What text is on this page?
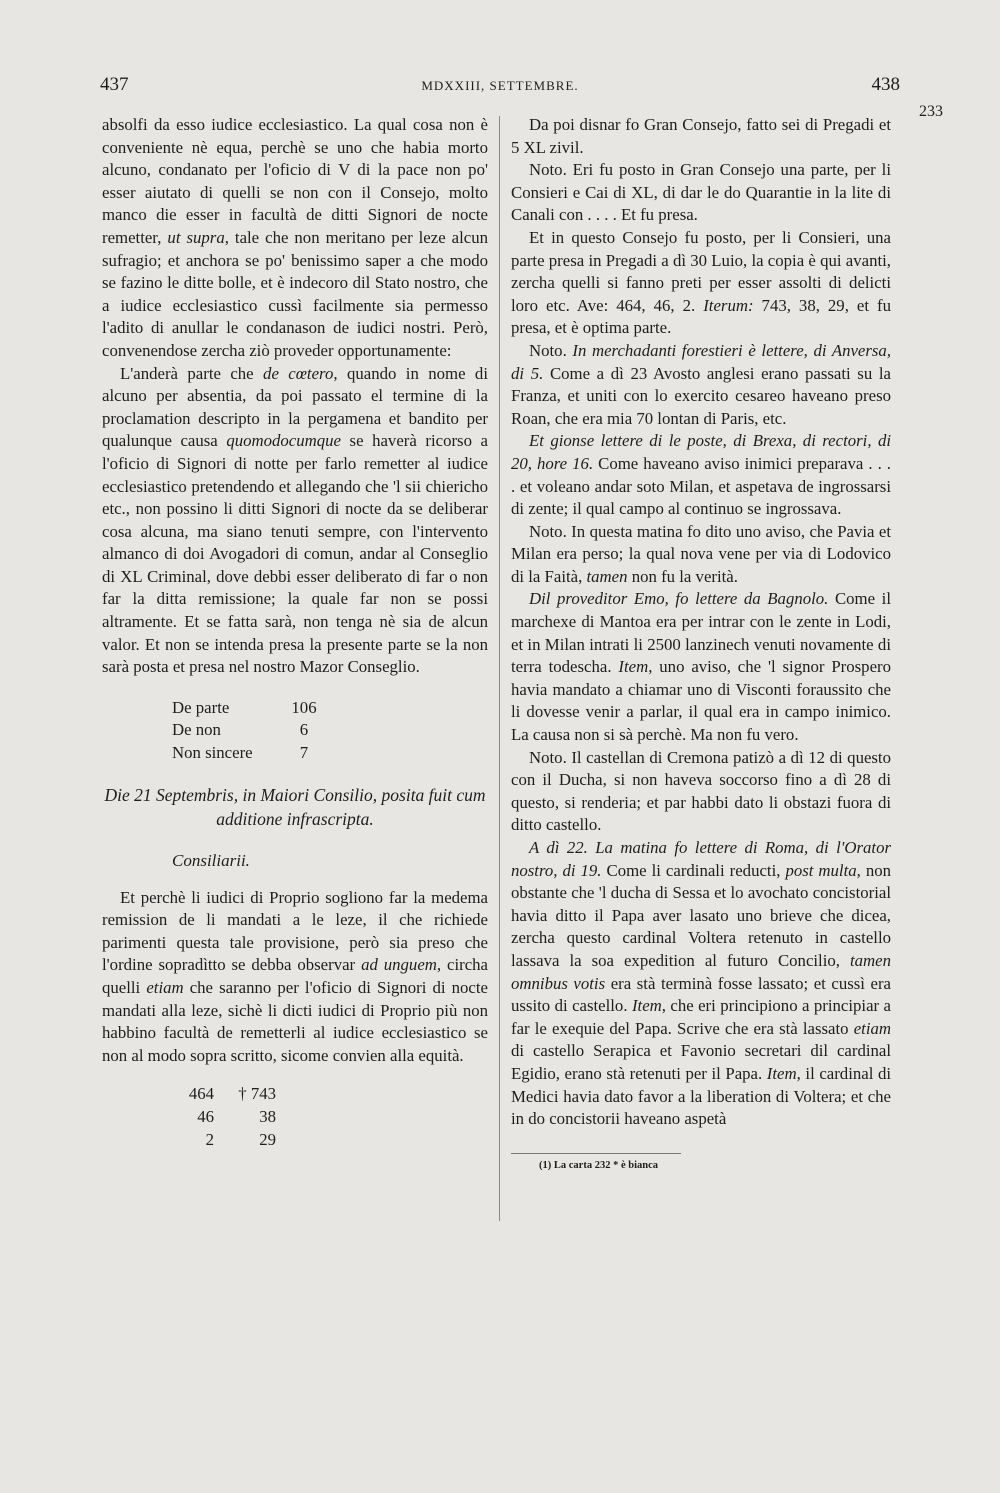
437	MDXXIII, SETTEMBRE.	438
233

absolfi da esso iudice ecclesiastico. La qual cosa non è conveniente nè equa, perchè se uno che habia morto alcuno, condanato per l'oficio di V di la pace non po' esser aiutato di quelli se non con il Consejo, molto manco die esser in facultà de ditti Signori de nocte remetter, ut supra, tale che non meritano per leze alcun sufragio; et anchora se po' benissimo saper a che modo se fazino le ditte bolle, et è indecoro dil Stato nostro, che a iudice ecclesiastico cussì facilmente sia permesso l'adito di anullar le condanason de iudici nostri. Però, convenendose zercha ziò proveder opportunamente:

L'anderà parte che de cœtero, quando in nome di alcuno per absentia, da poi passato el termine di la proclamation descripto in la pergamena et bandito per qualunque causa quomodocumque se haverà ricorso a l'oficio di Signori di notte per farlo remetter al iudice ecclesiastico pretendendo et allegando che 'l sii chiericho etc., non possino li ditti Signori di nocte da se deliberar cosa alcuna, ma siano tenuti sempre, con l'intervento almanco di doi Avogadori di comun, andar al Conseglio di XL Criminal, dove debbi esser deliberato di far o non far la ditta remissione; la quale far non se possi altramente. Et se fatta sarà, non tenga nè sia de alcun valor. Et non se intenda presa la presente parte se la non sarà posta et presa nel nostro Mazor Conseglio.

De parte	106
De non	6
Non sincere	7
Die 21 Septembris, in Maiori Consilio, posita fuit cum additione infrascripta.
Consiliarii.

Et perchè li iudici di Proprio sogliono far la medema remission de li mandati a le leze, il che richiede parimenti questa tale provisione, però sia preso che l'ordine sopradìtto se debba observar ad unguem, circha quelli etiam che saranno per l'oficio di Signori di nocte mandati alla leze, sichè li dicti iudici di Proprio più non habbino facultà de remetterli al iudice ecclesiastico se non al modo sopra scritto, sicome convien alla equità.

464	† 743
46	38
2	29

Da poi disnar fo Gran Consejo, fatto sei di Pregadi et 5 XL zivil.

Noto. Eri fu posto in Gran Consejo una parte, per li Consieri e Cai di XL, di dar le do Quarantie in la lite di Canali con . . . . Et fu presa.

Et in questo Consejo fu posto, per li Consieri, una parte presa in Pregadi a dì 30 Luio, la copia è qui avanti, zercha quelli si fanno preti per esser assolti di delicti loro etc. Ave: 464, 46, 2. Iterum: 743, 38, 29, et fu presa, et è optima parte.

Noto. In merchadanti forestieri è lettere, di Anversa, di 5. Come a dì 23 Avosto anglesi erano passati su la Franza, et uniti con lo exercito cesareo haveano preso Roan, che era mia 70 lontan di Paris, etc.

Et gionse lettere di le poste, di Brexa, di rectori, di 20, hore 16. Come haveano aviso inimici preparava . . . . et voleano andar soto Milan, et aspetava de ingrossarsi di zente; il qual campo al continuo se ingrossava.

Noto. In questa matina fo dito uno aviso, che Pavia et Milan era perso; la qual nova vene per via di Lodovico di la Faità, tamen non fu la verità.

Dil proveditor Emo, fo lettere da Bagnolo. Come il marchexe di Mantoa era per intrar con le zente in Lodi, et in Milan intrati li 2500 lanzinech venuti novamente di terra todescha. Item, uno aviso, che 'l signor Prospero havia mandato a chiamar uno di Visconti foraussito che li dovesse venir a parlar, il qual era in campo inimico. La causa non si sà perchè. Ma non fu vero.

Noto. Il castellan di Cremona patizò a dì 12 di questo con il Ducha, si non haveva soccorso fino a dì 28 di questo, si renderia; et par habbi dato li obstazi fuora di ditto castello.

A dì 22. La matina fo lettere di Roma, di l'Orator nostro, di 19. Come li cardinali reducti, post multa, non obstante che 'l ducha di Sessa et lo avochato concistorial havia ditto il Papa aver lasato uno brieve che dicea, zercha questo cardinal Voltera retenuto in castello lassava la soa expedition al futuro Concilio, tamen omnibus votis era stà terminà fosse lassato; et cussì era ussito di castello. Item, che eri principiono a principiar a far le exequie del Papa. Scrive che era stà lassato etiam di castello Serapica et Favonio secretari dil cardinal Egidio, erano stà retenuti per il Papa. Item, il cardinal di Medici havia dato favor a la liberation di Voltera; et che in do concistorii haveano aspetà

(1) La carta 232 * è bianca
